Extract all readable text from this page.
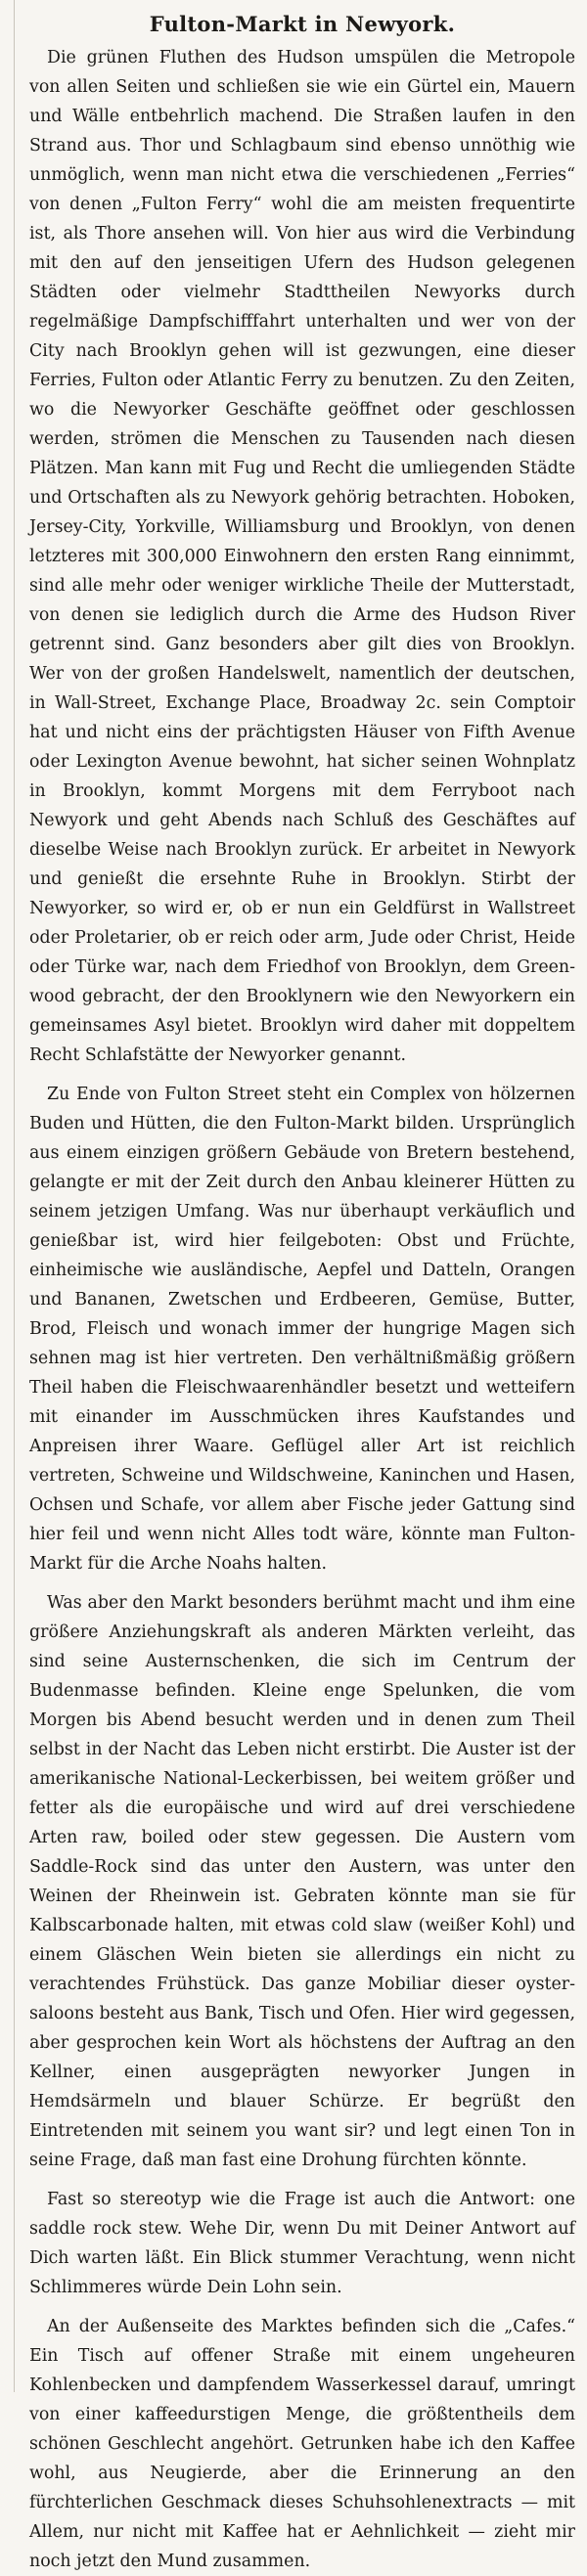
Fulton-Markt in Newyork.

Die grünen Fluthen des Hudson umspülen die Metropole von allen Seiten und schließen sie wie ein Gürtel ein, Mauern und Wälle entbehrlich machend. Die Straßen laufen in den Strand aus. Thor und Schlagbaum sind ebenso unnöthig wie unmöglich, wenn man nicht etwa die verschiedenen „Ferries“ von denen „Fulton Ferry“ wohl die am meisten frequentirte ist, als Thore ansehen will. Von hier aus wird die Verbindung mit den auf den jenseitigen Ufern des Hudson gelegenen Städten oder vielmehr Stadttheilen Newyorks durch regelmäßige Dampfschifffahrt unterhalten und wer von der City nach Brooklyn gehen will ist gezwungen, eine dieser Ferries, Fulton oder Atlantic Ferry zu benutzen. Zu den Zeiten, wo die Newyorker Geschäfte geöffnet oder geschlossen werden, strömen die Menschen zu Tausenden nach diesen Plätzen. Man kann mit Fug und Recht die umliegenden Städte und Ortschaften als zu Newyork gehörig betrachten. Hoboken, Jersey-City, Yorkville, Williamsburg und Brooklyn, von denen letzteres mit 300,000 Einwohnern den ersten Rang einnimmt, sind alle mehr oder weniger wirkliche Theile der Mutterstadt, von denen sie lediglich durch die Arme des Hudson River getrennt sind. Ganz besonders aber gilt dies von Brooklyn. Wer von der großen Handelswelt, namentlich der deutschen, in Wall-Street, Exchange Place, Broadway 2c. sein Comptoir hat und nicht eins der prächtigsten Häuser von Fifth Avenue oder Lexington Avenue bewohnt, hat sicher seinen Wohnplatz in Brooklyn, kommt Morgens mit dem Ferryboot nach Newyork und geht Abends nach Schluß des Geschäftes auf dieselbe Weise nach Brooklyn zurück. Er arbeitet in Newyork und genießt die ersehnte Ruhe in Brooklyn. Stirbt der Newyorker, so wird er, ob er nun ein Geldfürst in Wallstreet oder Proletarier, ob er reich oder arm, Jude oder Christ, Heide oder Türke war, nach dem Friedhof von Brooklyn, dem Green-wood gebracht, der den Brooklynern wie den Newyorkern ein gemeinsames Asyl bietet. Brooklyn wird daher mit doppeltem Recht Schlafstätte der Newyorker genannt.

Zu Ende von Fulton Street steht ein Complex von hölzernen Buden und Hütten, die den Fulton-Markt bilden. Ursprünglich aus einem einzigen größern Gebäude von Bretern bestehend, gelangte er mit der Zeit durch den Anbau kleinerer Hütten zu seinem jetzigen Umfang. Was nur überhaupt verkäuflich und genießbar ist, wird hier feilgeboten: Obst und Früchte, einheimische wie ausländische, Aepfel und Datteln, Orangen und Bananen, Zwetschen und Erdbeeren, Gemüse, Butter, Brod, Fleisch und wonach immer der hungrige Magen sich sehnen mag ist hier vertreten. Den verhältnißmäßig größern Theil haben die Fleischwaarenhändler besetzt und wetteifern mit einander im Ausschmücken ihres Kaufstandes und Anpreisen ihrer Waare. Geflügel aller Art ist reichlich vertreten, Schweine und Wildschweine, Kaninchen und Hasen, Ochsen und Schafe, vor allem aber Fische jeder Gattung sind hier feil und wenn nicht Alles todt wäre, könnte man Fulton-Markt für die Arche Noahs halten.

Was aber den Markt besonders berühmt macht und ihm eine größere Anziehungskraft als anderen Märkten verleiht, das sind seine Austernschenken, die sich im Centrum der Budenmasse befinden. Kleine enge Spelunken, die vom Morgen bis Abend besucht werden und in denen zum Theil selbst in der Nacht das Leben nicht erstirbt. Die Auster ist der amerikanische National-Leckerbissen, bei weitem größer und fetter als die europäische und wird auf drei verschiedene Arten raw, boiled oder stew gegessen. Die Austern vom Saddle-Rock sind das unter den Austern, was unter den Weinen der Rheinwein ist. Gebraten könnte man sie für Kalbscarbonade halten, mit etwas cold slaw (weißer Kohl) und einem Gläschen Wein bieten sie allerdings ein nicht zu verachtendes Frühstück. Das ganze Mobiliar dieser oyster-saloons besteht aus Bank, Tisch und Ofen. Hier wird gegessen, aber gesprochen kein Wort als höchstens der Auftrag an den Kellner, einen ausgeprägten newyorker Jungen in Hemdsärmeln und blauer Schürze. Er begrüßt den Eintretenden mit seinem you want sir? und legt einen Ton in seine Frage, daß man fast eine Drohung fürchten könnte.

Fast so stereotyp wie die Frage ist auch die Antwort: one saddle rock stew. Wehe Dir, wenn Du mit Deiner Antwort auf Dich warten läßt. Ein Blick stummer Verachtung, wenn nicht Schlimmeres würde Dein Lohn sein.

An der Außenseite des Marktes befinden sich die „Cafes.“ Ein Tisch auf offener Straße mit einem ungeheuren Kohlenbecken und dampfendem Wasserkessel darauf, umringt von einer kaffeedurstigen Menge, die größtentheils dem schönen Geschlecht angehört. Getrunken habe ich den Kaffee wohl, aus Neugierde, aber die Erinnerung an den fürchterlichen Geschmack dieses Schuhsohlenextracts — mit Allem, nur nicht mit Kaffee hat er Aehnlichkeit — zieht mir noch jetzt den Mund zusammen.
